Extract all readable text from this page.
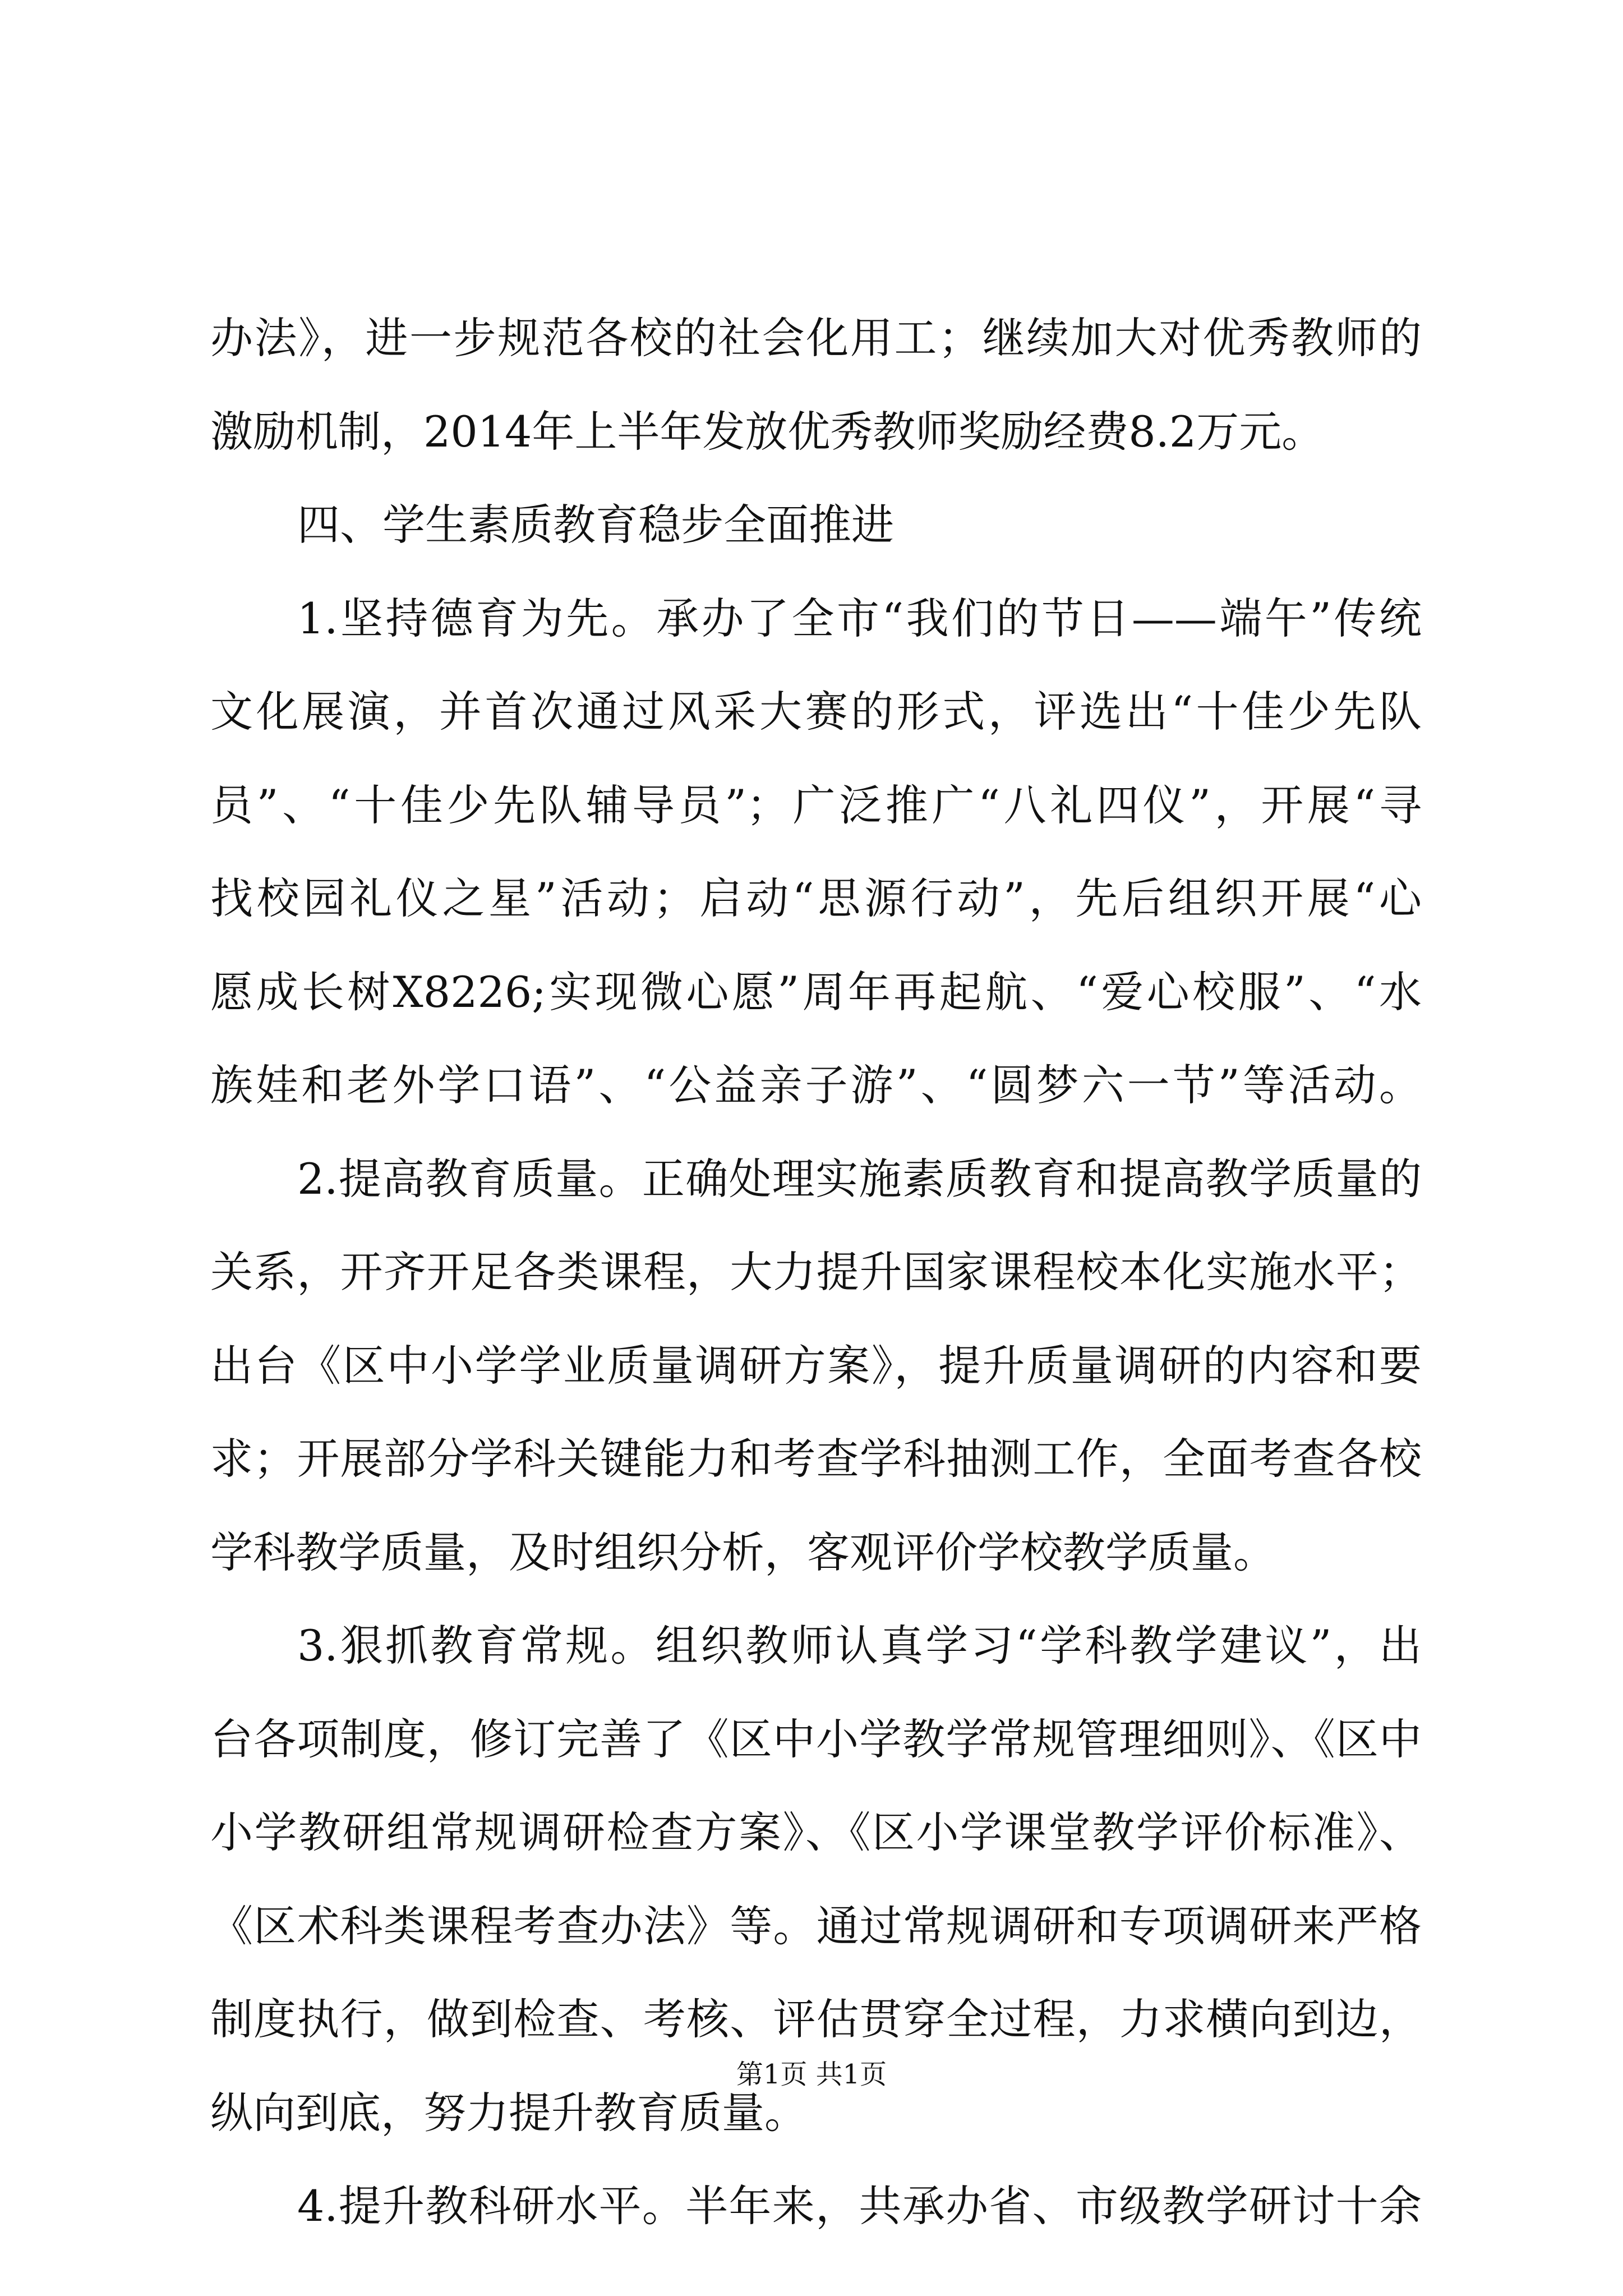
办法》，进一步规范各校的社会化用工；继续加大对优秀教师的
激励机制，2014年上半年发放优秀教师奖励经费8.2万元。
四、学生素质教育稳步全面推进
1.坚持德育为先。承办了全市“我们的节日——端午”传统
文化展演，并首次通过风采大赛的形式，评选出“十佳少先队
员”、“十佳少先队辅导员”；广泛推广“八礼四仪”，开展“寻
找校园礼仪之星”活动；启动“思源行动”，先后组织开展“心
愿成长树X8226;实现微心愿”周年再起航、“爱心校服”、“水
族娃和老外学口语”、“公益亲子游”、“圆梦六一节”等活动。
2.提高教育质量。正确处理实施素质教育和提高教学质量的
关系，开齐开足各类课程，大力提升国家课程校本化实施水平；
出台《区中小学学业质量调研方案》，提升质量调研的内容和要
求；开展部分学科关键能力和考查学科抽测工作，全面考查各校
学科教学质量，及时组织分析，客观评价学校教学质量。
3.狠抓教育常规。组织教师认真学习“学科教学建议”，出
台各项制度，修订完善了《区中小学教学常规管理细则》、《区中
小学教研组常规调研检查方案》、《区小学课堂教学评价标准》、
《区术科类课程考查办法》等。通过常规调研和专项调研来严格
制度执行，做到检查、考核、评估贯穿全过程，力求横向到边，
纵向到底，努力提升教育质量。
4.提升教科研水平。半年来，共承办省、市级教学研讨十余
第1页 共1页
